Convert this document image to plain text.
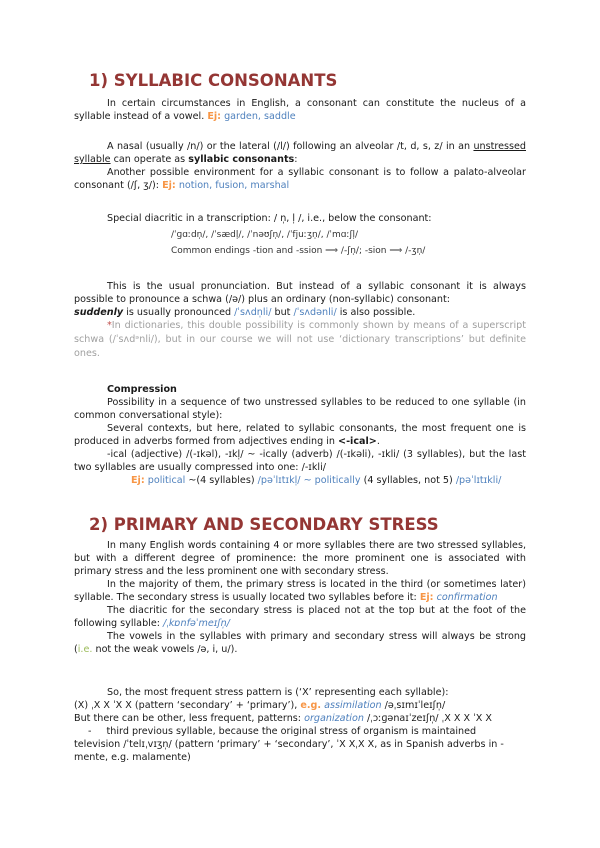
1) SYLLABIC CONSONANTS

In certain circumstances in English, a consonant can constitute the nucleus of a syllable instead of a vowel. Ej: garden, saddle

A nasal (usually /n/) or the lateral (/l/) following an alveolar /t, d, s, z/ in an unstressed syllable can operate as syllabic consonants:

Another possible environment for a syllabic consonant is to follow a palato-alveolar consonant (/ʃ, ʒ/): Ej: notion, fusion, marshal

Special diacritic in a transcription: / n̩, l̩ /, i.e., below the consonant:

/ˈɡɑːdn̩/, /ˈsædl̩/, /ˈnəʊʃn̩/, /ˈfjuːʒn̩/, /ˈmɑːʃl̩/

Common endings -tion and -ssion ⟹ /-ʃn̩/; -sion ⟹ /-ʒn̩/

This is the usual pronunciation. But instead of a syllabic consonant it is always possible to pronounce a schwa (/ə/) plus an ordinary (non-syllabic) consonant:

suddenly is usually pronounced /ˈsʌdn̩li/ but /ˈsʌdənli/ is also possible.

*In dictionaries, this double possibility is commonly shown by means of a superscript schwa (/ˈsʌdᵊnli/), but in our course we will not use ‘dictionary transcriptions’ but definite ones.

Compression

Possibility in a sequence of two unstressed syllables to be reduced to one syllable (in common conversational style):

Several contexts, but here, related to syllabic consonants, the most frequent one is produced in adverbs formed from adjectives ending in <-ical>.

-ical (adjective) /(-ɪkəl), -ɪkl̩/ ~ -ically (adverb) /(-ɪkəli), -ɪkli/ (3 syllables), but the last two syllables are usually compressed into one: /-ɪkli/

Ej: political ~(4 syllables) /pəˈlɪtɪkl̩/ ~ politically (4 syllables, not 5) /pəˈlɪtɪkli/

2) PRIMARY AND SECONDARY STRESS

In many English words containing 4 or more syllables there are two stressed syllables, but with a different degree of prominence: the more prominent one is associated with primary stress and the less prominent one with secondary stress.

In the majority of them, the primary stress is located in the third (or sometimes later) syllable. The secondary stress is usually located two syllables before it: Ej: confirmation

The diacritic for the secondary stress is placed not at the top but at the foot of the following syllable: /ˌkɒnfəˈmeɪʃn̩/

The vowels in the syllables with primary and secondary stress will always be strong (i.e. not the weak vowels /ə, i, u/).

So, the most frequent stress pattern is (‘X’ representing each syllable):

(X) ˌX X ˈX X (pattern ‘secondary’ + ‘primary’), e.g. assimilation /əˌsɪmɪˈleɪʃn̩/

But there can be other, less frequent, patterns: organization /ˌɔːɡənaɪˈzeɪʃn̩/ ˌX X X ˈX X

- third previous syllable, because the original stress of organism is maintained

television /ˈtelɪˌvɪʒn̩/ (pattern ‘primary’ + ‘secondary’, ˈX XˌX X, as in Spanish adverbs in -mente, e.g. malamente)
